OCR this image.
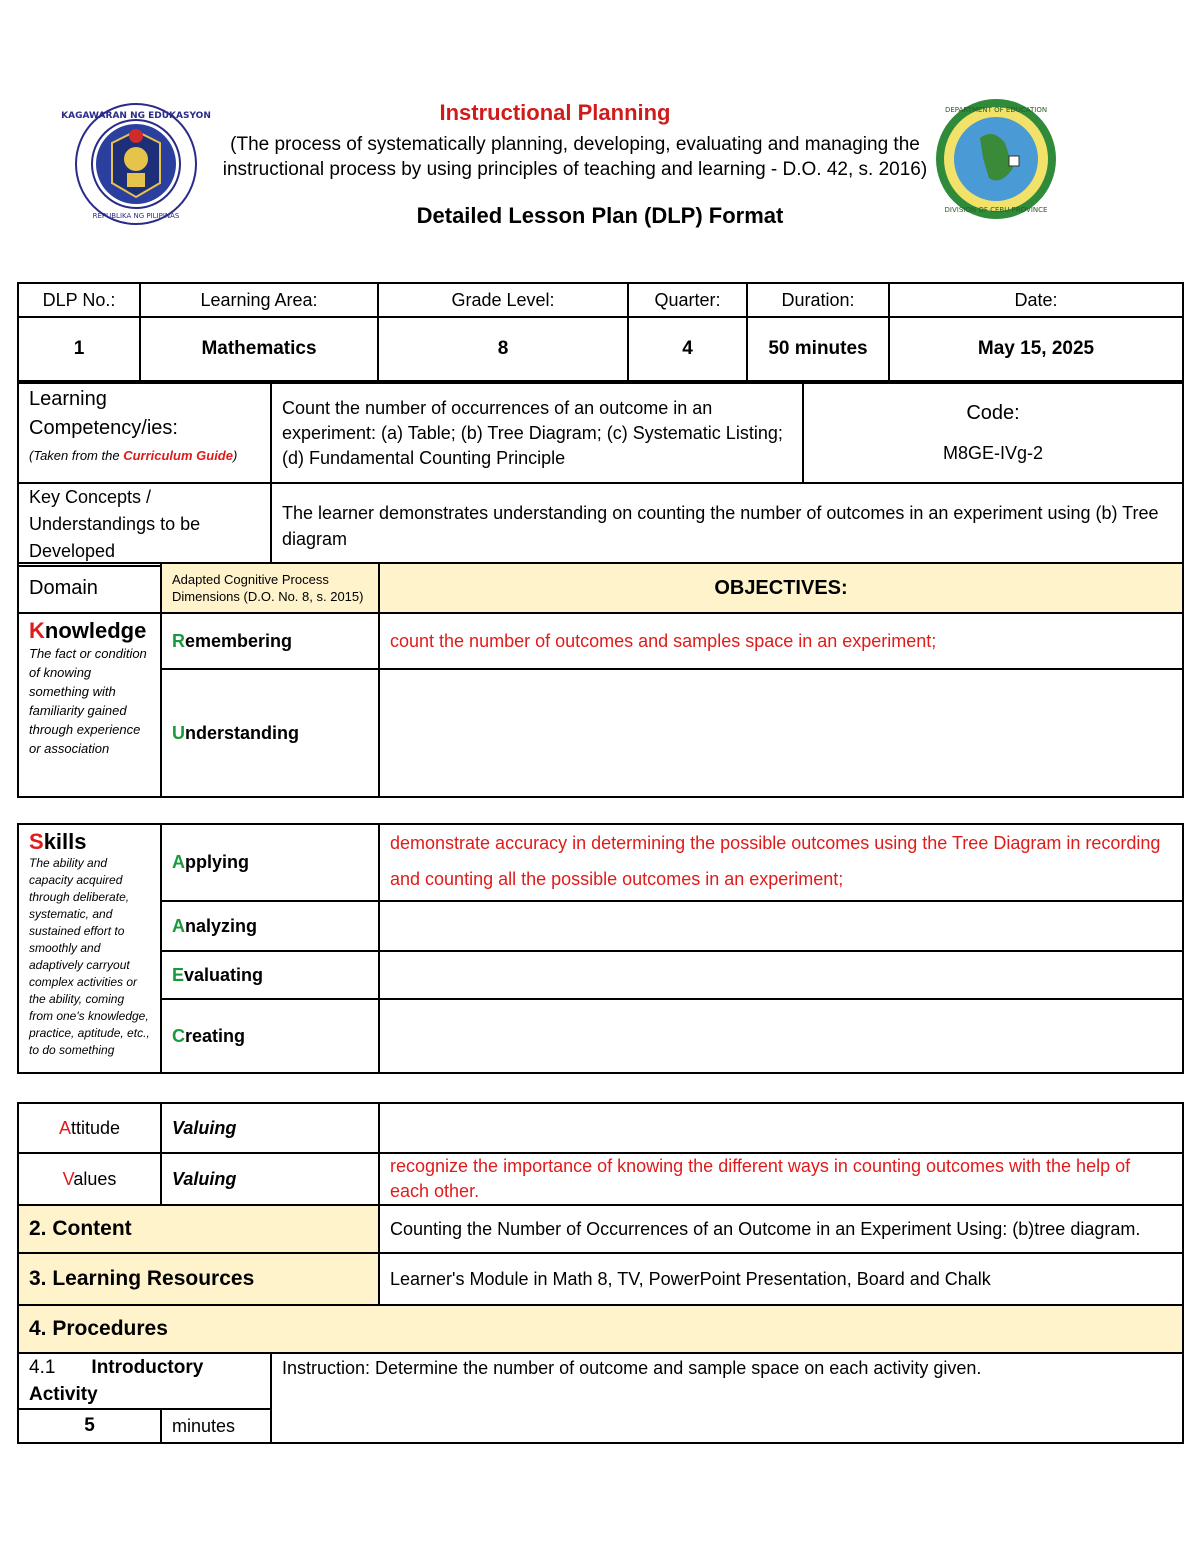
KAGAWARAN NG EDUKASYON
REPUBLIKA NG PILIPINAS
DEPARTMENT OF EDUCATION
DIVISION OF CEBU PROVINCE
Instructional Planning
(The process of systematically planning, developing, evaluating and managing the
instructional process by using principles of teaching and learning - D.O. 42, s. 2016)
Detailed Lesson Plan (DLP) Format
DLP No.:	Learning Area:	Grade Level:	Quarter:	Duration:	Date:
1	Mathematics	8	4	50 minutes	May 15, 2025
Learning
Competency/ies:
(Taken from the Curriculum Guide)
	Count the number of occurrences of an outcome in an experiment: (a) Table; (b) Tree Diagram; (c) Systematic Listing; (d) Fundamental Counting Principle	
Code:
M8GE-IVg-2
Key Concepts / Understandings to be Developed	The learner demonstrates understanding on counting the number of outcomes in an experiment using (b) Tree diagram
Domain	Adapted Cognitive Process Dimensions (D.O. No. 8, s. 2015)	OBJECTIVES:

Knowledge
The fact or condition of knowing something with familiarity gained through experience or association	Remembering	count the number of outcomes and samples space in an experiment;
	Understanding	
Skills
The ability and capacity acquired through deliberate, systematic, and sustained effort to smoothly and adaptively carryout complex activities or the ability, coming from one's knowledge, practice, aptitude, etc., to do something	Applying	demonstrate accuracy in determining the possible outcomes using the Tree Diagram in recording and counting all the possible outcomes in an experiment;
	Analyzing	
	Evaluating	
	Creating	
Attitude	Valuing	
Values	Valuing	recognize the importance of knowing the different ways in counting outcomes with the help of each other.
2. Content		Counting the Number of Occurrences of an Outcome in an Experiment Using: (b)tree diagram.
3. Learning Resources		Learner's Module in Math 8, TV, PowerPoint Presentation, Board and Chalk
4. Procedures		
4.1 Introductory
Activity		Instruction: Determine the number of outcome and sample space on each activity given.
5	minutes	
